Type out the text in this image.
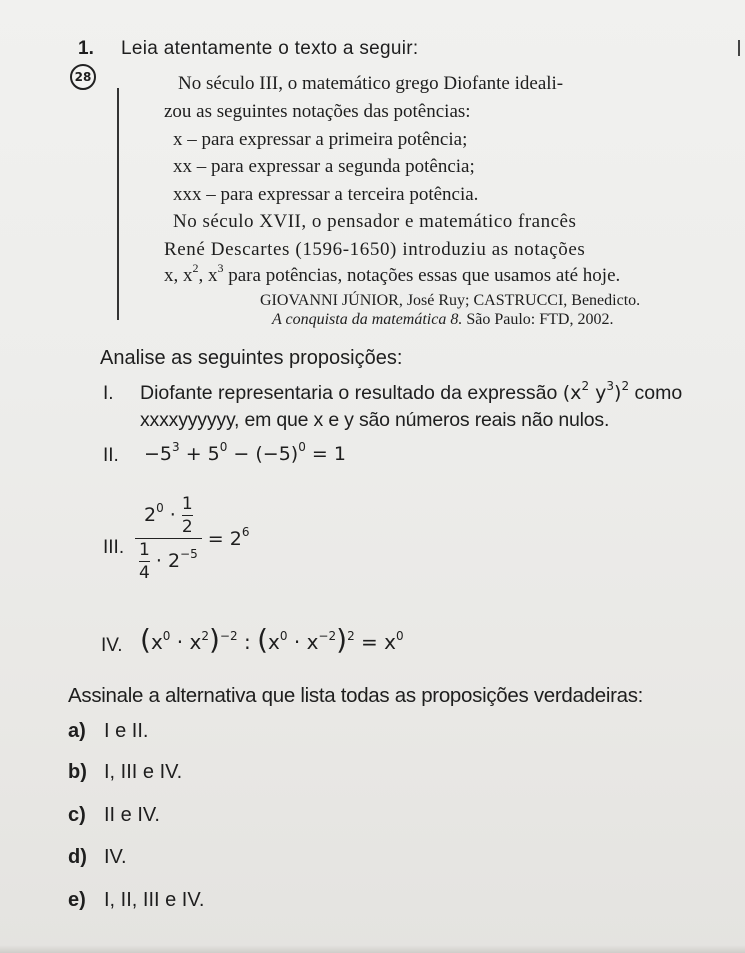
1. Leia atentamente o texto a seguir:
28	No século III, o matemático grego Diofante ideali-
zou as seguintes notações das potências:
x – para expressar a primeira potência;
xx – para expressar a segunda potência;
xxx – para expressar a terceira potência.
No século XVII, o pensador e matemático francês
René Descartes (1596-1650) introduziu as notações
x, $x^2$, $x^3$ para potências, notações essas que usamos até hoje.
GIOVANNI JÚNIOR, José Ruy; CASTRUCCI, Benedicto.
A conquista da matemática 8. São Paulo: FTD, 2002.
Analise as seguintes proposições:
I. Diofante representaria o resultado da expressão ($x^2$ $y^3)^2$ como
xxxxyyyyyy, em que x e y são números reais não nulos.
II. $-5^3 + 5^0 - (-5)^0 = 1$
III. $\frac{2^0 \cdot \frac{1}{2}}{\frac{1}{4} \cdot 2^{-5}} = 2^6$
IV. $(x^0 \cdot x^2)^{-2}$ : $(x^0 \cdot x^{-2})^2 = x^0$
Assinale a alternativa que lista todas as proposições verdadeiras:
a) I e II.
b) I, III e IV.
c) II e IV.
d) IV.
e) I, II, III e IV.
